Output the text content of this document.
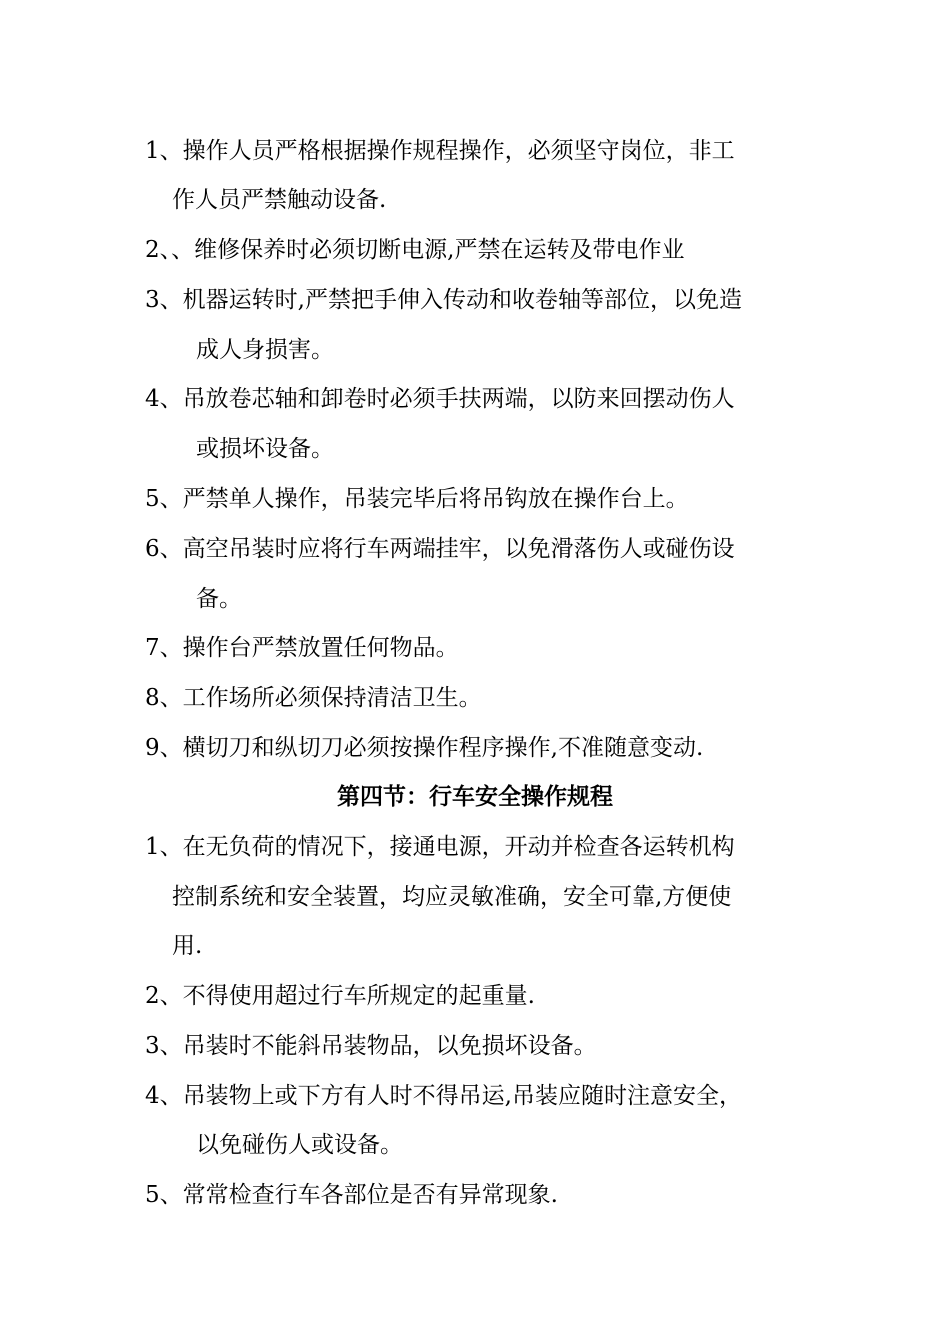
1、操作人员严格根据操作规程操作，必须坚守岗位，非工
作人员严禁触动设备.
2、、维修保养时必须切断电源,严禁在运转及带电作业
3、机器运转时,严禁把手伸入传动和收卷轴等部位，以免造
成人身损害。
4、吊放卷芯轴和卸卷时必须手扶两端，以防来回摆动伤人
或损坏设备。
5、严禁单人操作，吊装完毕后将吊钩放在操作台上。
6、高空吊装时应将行车两端挂牢，以免滑落伤人或碰伤设
备。
7、操作台严禁放置任何物品。
8、工作场所必须保持清洁卫生。
9、横切刀和纵切刀必须按操作程序操作,不准随意变动.
第四节：行车安全操作规程
1、在无负荷的情况下，接通电源，开动并检查各运转机构
控制系统和安全装置，均应灵敏准确，安全可靠,方便使
用.
2、不得使用超过行车所规定的起重量.
3、吊装时不能斜吊装物品，以免损坏设备。
4、吊装物上或下方有人时不得吊运,吊装应随时注意安全，
以免碰伤人或设备。
5、常常检查行车各部位是否有异常现象.
